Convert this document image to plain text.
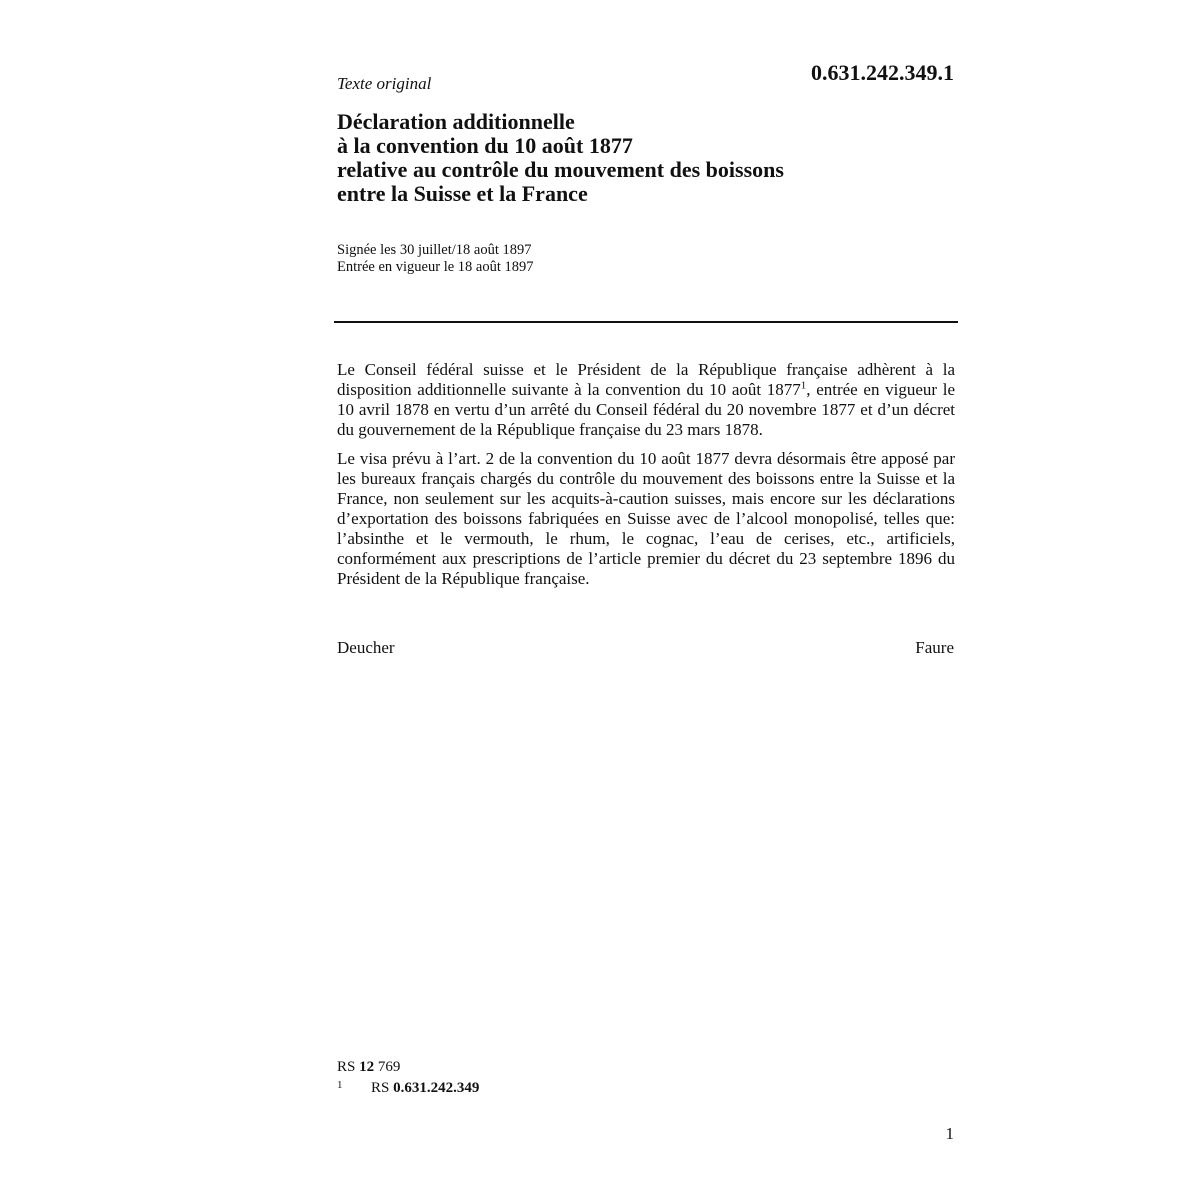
Texte original	0.631.242.349.1
Déclaration additionnelle
à la convention du 10 août 1877
relative au contrôle du mouvement des boissons
entre la Suisse et la France
Signée les 30 juillet/18 août 1897
Entrée en vigueur le 18 août 1897

Le Conseil fédéral suisse et le Président de la République française adhèrent à la disposition additionnelle suivante à la convention du 10 août 1877$^1$, entrée en vigueur le 10 avril 1878 en vertu d’un arrêté du Conseil fédéral du 20 novembre 1877 et d’un décret du gouvernement de la République française du 23 mars 1878.

Le visa prévu à l’art. 2 de la convention du 10 août 1877 devra désormais être apposé par les bureaux français chargés du contrôle du mouvement des boissons entre la Suisse et la France, non seulement sur les acquits-à-caution suisses, mais encore sur les déclarations d’exportation des boissons fabriquées en Suisse avec de l’alcool monopolisé, telles que: l’absinthe et le vermouth, le rhum, le cognac, l’eau de cerises, etc., artificiels, conformément aux prescriptions de l’article premier du décret du 23 septembre 1896 du Président de la République française.

Deucher	Faure
RS 12 769
1	RS 0.631.242.349
1
